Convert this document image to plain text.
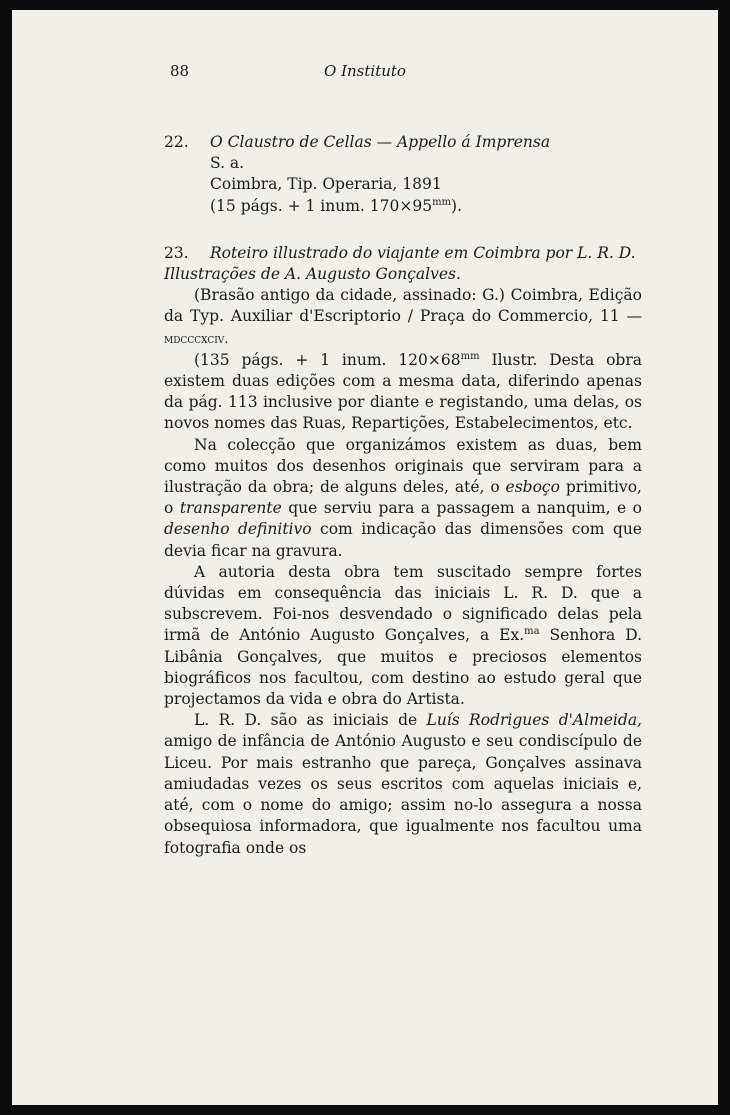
88	O Instituto
22. O Claustro de Cellas — Appello á Imprensa
S. a.
Coimbra, Tip. Operaria, 1891
(15 págs. + 1 inum. $170\times 95^{mm}$).
23. Roteiro illustrado do viajante em Coimbra por L. R. D.
Illustrações de A. Augusto Gonçalves.

(Brasão antigo da cidade, assinado: G.) Coimbra, Edição da Typ. Auxiliar d'Escriptorio / Praça do Commercio, 11 — mdcccxciv.

(135 págs. + 1 inum. $120\times 68^{mm}$ Ilustr. Desta obra existem duas edições com a mesma data, diferindo apenas da pág. 113 inclusive por diante e registando, uma delas, os novos nomes das Ruas, Repartições, Estabelecimentos, etc.

Na colecção que organizámos existem as duas, bem como muitos dos desenhos originais que serviram para a ilustração da obra; de alguns deles, até, o esboço primitivo, o transparente que serviu para a passagem a nanquim, e o desenho definitivo com indicação das dimensões com que devia ficar na gravura.

A autoria desta obra tem suscitado sempre fortes dúvidas em consequência das iniciais L. R. D. que a subscrevem. Foi-nos desvendado o significado delas pela irmã de António Augusto Gonçalves, a Ex.$^{ma}$ Senhora D. Libânia Gonçalves, que muitos e preciosos elementos biográficos nos facultou, com destino ao estudo geral que projectamos da vida e obra do Artista.

L. R. D. são as iniciais de Luís Rodrigues d'Almeida, amigo de infância de António Augusto e seu condiscípulo de Liceu. Por mais estranho que pareça, Gonçalves assinava amiudadas vezes os seus escritos com aquelas iniciais e, até, com o nome do amigo; assim no-lo assegura a nossa obsequiosa informadora, que igualmente nos facultou uma fotografia onde os
